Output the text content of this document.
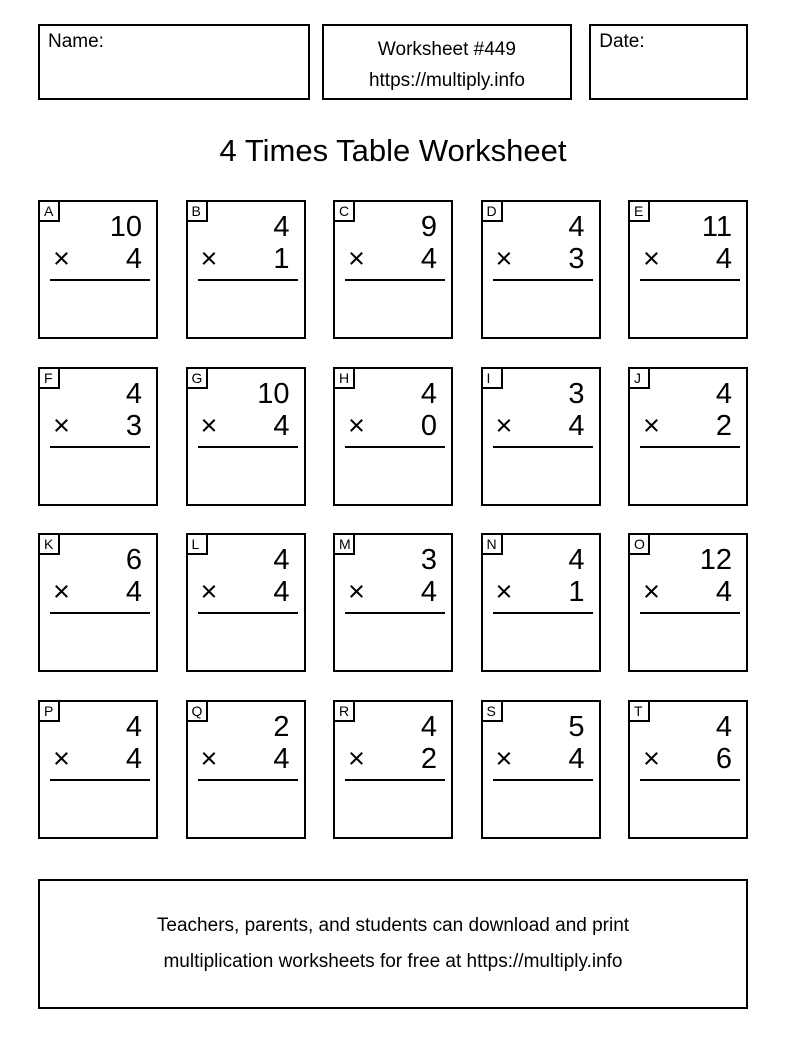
Name:	Worksheet #449
https://multiply.info
Date:
4 Times Table Worksheet
A	10
× 4
B	4
× 1
C	9
× 4
D	4
× 3
E	11
× 4
F	4
× 3
G	10
× 4
H	4
× 0
I	3
× 4
J	4
× 2
K	6
× 4
L	4
× 4
M	3
× 4
N	4
× 1
O	12
× 4
P	4
× 4
Q	2
× 4
R	4
× 2
S	5
× 4
T	4
× 6
Teachers, parents, and students can download and print
multiplication worksheets for free at https://multiply.info
